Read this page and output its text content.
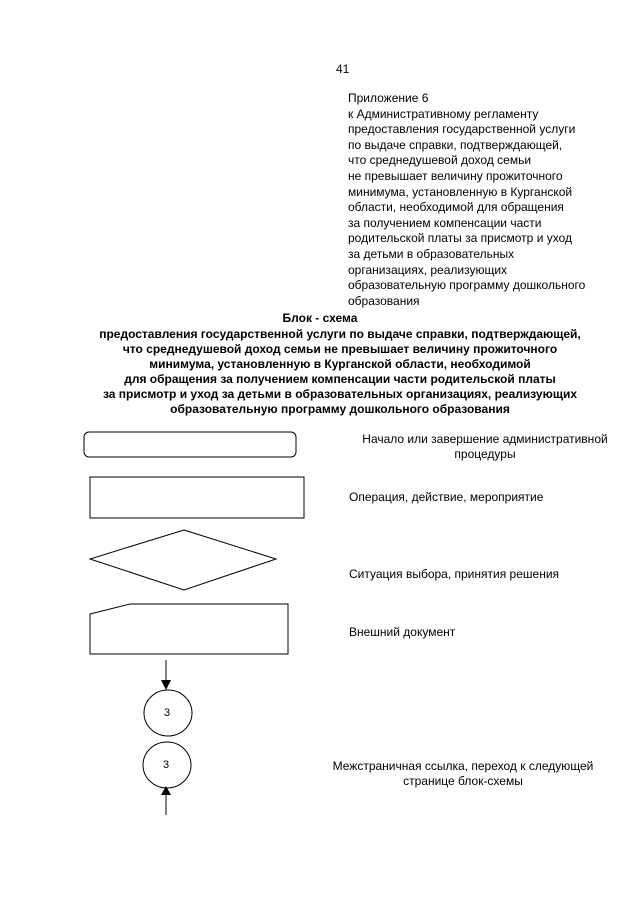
41
Приложение 6
к Административному регламенту
предоставления государственной услуги
по выдаче справки, подтверждающей,
что среднедушевой доход семьи
не превышает величину прожиточного
минимума, установленную в Курганской
области, необходимой для обращения
за получением компенсации части
родительской платы за присмотр и уход
за детьми в образовательных
организациях, реализующих
образовательную программу дошкольного
образования
Блок - схема
предоставления государственной услуги по выдаче справки, подтверждающей,
что среднедушевой доход семьи не превышает величину прожиточного
минимума, установленную в Курганской области, необходимой
для обращения за получением компенсации части родительской платы
за присмотр и уход за детьми в образовательных организациях, реализующих
образовательную программу дошкольного образования
3
3
Начало или завершение административной
процедуры
Операция, действие, мероприятие
Ситуация выбора, принятия решения
Внешний документ
Межстраничная ссылка, переход к следующей
странице блок-схемы
